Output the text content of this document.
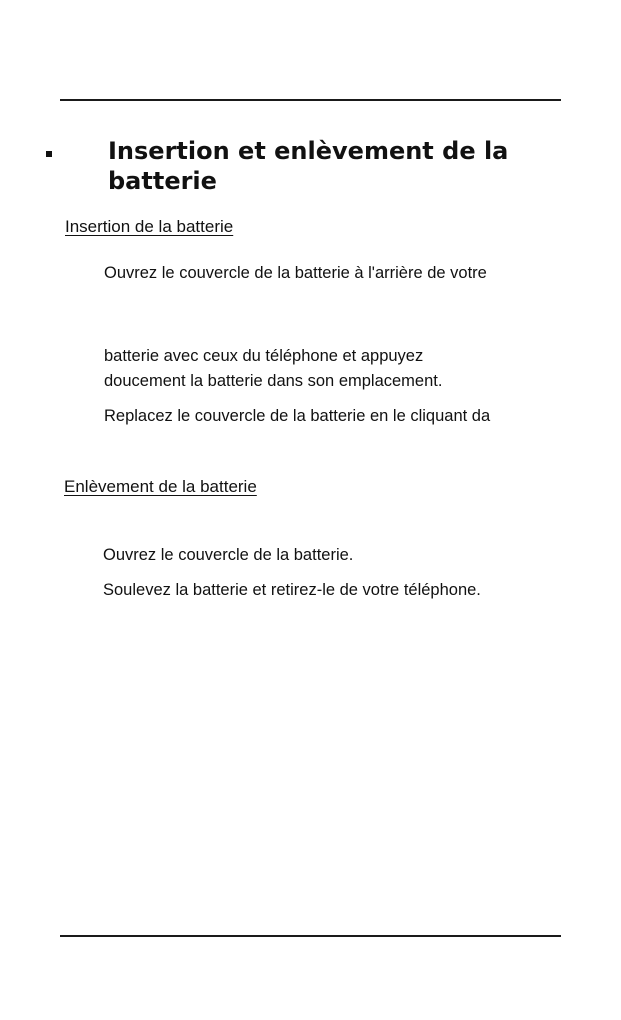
Insertion et enlèvement de la batterie

Insertion de la batterie

Ouvrez le couvercle de la batterie à l'arrière de votre

batterie avec ceux du téléphone et appuyez

doucement la batterie dans son emplacement.

Replacez le couvercle de la batterie en le cliquant da

Enlèvement de la batterie

Ouvrez le couvercle de la batterie.

Soulevez la batterie et retirez-le de votre téléphone.
